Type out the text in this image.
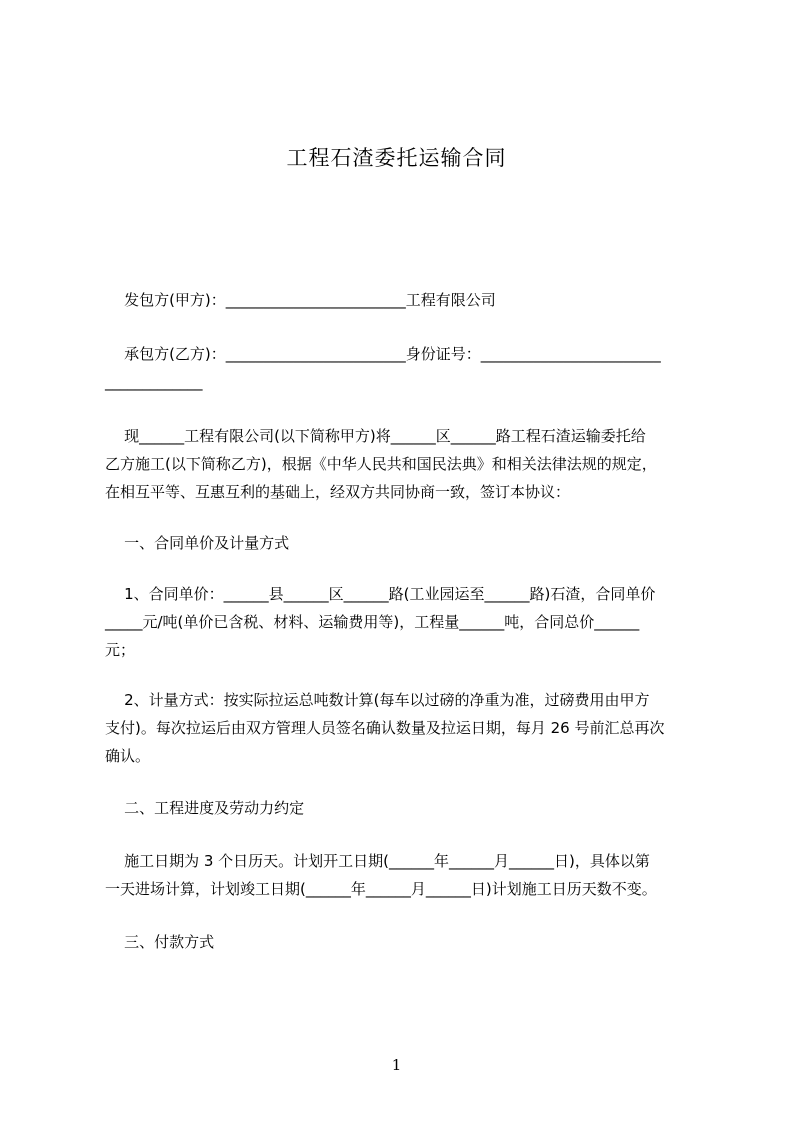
工程石渣委托运输合同
发包方(甲方)：________________________工程有限公司
承包方(乙方)：________________________身份证号：________________________
_____________
现______工程有限公司(以下简称甲方)将______区______路工程石渣运输委托给
乙方施工(以下简称乙方)，根据《中华人民共和国民法典》和相关法律法规的规定，
在相互平等、互惠互利的基础上，经双方共同协商一致，签订本协议：
一、合同单价及计量方式
1、合同单价：______县______区______路(工业园运至______路)石渣，合同单价
_____元/吨(单价已含税、材料、运输费用等)，工程量______吨，合同总价______
元；
2、计量方式：按实际拉运总吨数计算(每车以过磅的净重为准，过磅费用由甲方
支付)。每次拉运后由双方管理人员签名确认数量及拉运日期，每月 26 号前汇总再次
确认。
二、工程进度及劳动力约定
施工日期为 3 个日历天。计划开工日期(______年______月______日)，具体以第
一天进场计算，计划竣工日期(______年______月______日)计划施工日历天数不变。
三、付款方式
1
